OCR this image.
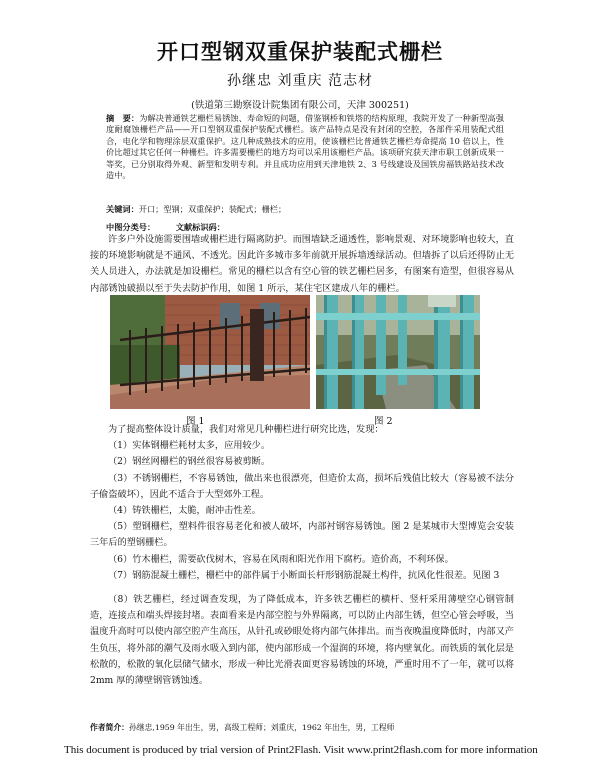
开口型钢双重保护装配式栅栏
孙继忠 刘重庆 范志材
(铁道第三勘察设计院集团有限公司，天津 300251)
摘　要：为解决普通铁艺栅栏易锈蚀、寿命短的问题，借鉴钢桥和铁塔的结构原理，我院开发了一种新型高强度耐腐蚀栅栏产品——开口型钢双重保护装配式栅栏。该产品特点是没有封闭的空腔，各部件采用装配式组合，电化学和物理涂层双重保护。这几种成熟技术的应用，使该栅栏比普通铁艺栅栏寿命提高 10 倍以上，性价比超过其它任何一种栅栏。许多需要栅栏的地方均可以采用该栅栏产品。该项研究获天津市职工创新成果一等奖，已分别取得外观、新型和发明专利。并且成功应用到天津地铁 2、3 号线建设及国铁房福铁路站技术改造中。
关键词：开口；型钢；双重保护；装配式；栅栏；
中图分类号：	文献标识码：

许多户外设施需要围墙或栅栏进行隔离防护。而围墙缺乏通透性，影响景观、对环境影响也较大，直接的环境影响就是不通风、不透光。因此许多城市多年前就开展拆墙透绿活动。但墙拆了以后还得防止无关人员进入，办法就是加设栅栏。常见的栅栏以含有空心管的铁艺栅栏居多，有图案有造型，但很容易从内部锈蚀破损以至于失去防护作用，如图 1 所示，某住宅区建成八年的栅栏。

图 1	图 2

为了提高整体设计质量，我们对常见几种栅栏进行研究比选，发现：

（1）实体钢栅栏耗材太多，应用较少。

（2）钢丝网栅栏的钢丝很容易被剪断。

（3）不锈钢栅栏，不容易锈蚀，做出来也很漂亮，但造价太高，损坏后残值比较大（容易被不法分子偷盗破坏），因此不适合于大型郊外工程。

（4）铸铁栅栏，太脆，耐冲击性差。

（5）塑钢栅栏，塑料件很容易老化和被人破坏，内部衬钢容易锈蚀。图 2 是某城市大型博览会安装三年后的塑钢栅栏。

（6）竹木栅栏，需要砍伐树木，容易在风雨和阳光作用下腐朽。造价高，不利环保。

（7）钢筋混凝土栅栏，栅栏中的部件属于小断面长杆形钢筋混凝土构件，抗风化性很差。见图 3

（8）铁艺栅栏，经过调查发现，为了降低成本，许多铁艺栅栏的横杆、竖杆采用薄壁空心钢管制造，连接点和端头焊接封堵。表面看来是内部空腔与外界隔离，可以防止内部生锈，但空心管会呼吸，当温度升高时可以使内部空腔产生高压，从针孔或砂眼处将内部气体排出。而当夜晚温度降低时，内部又产生负压，将外部的潮气及雨水吸入到内部，使内部形成一个湿润的环境，将内壁氧化。而铁质的氧化层是松散的，松散的氧化层储气储水，形成一种比光滑表面更容易锈蚀的环境，严重时用不了一年，就可以将 2mm 厚的薄壁钢管锈蚀透。

作者简介：孙继忠,1959 年出生，男，高级工程师；刘重庆，1962 年出生，男，工程师
This document is produced by trial version of Print2Flash. Visit www.print2flash.com for more information
